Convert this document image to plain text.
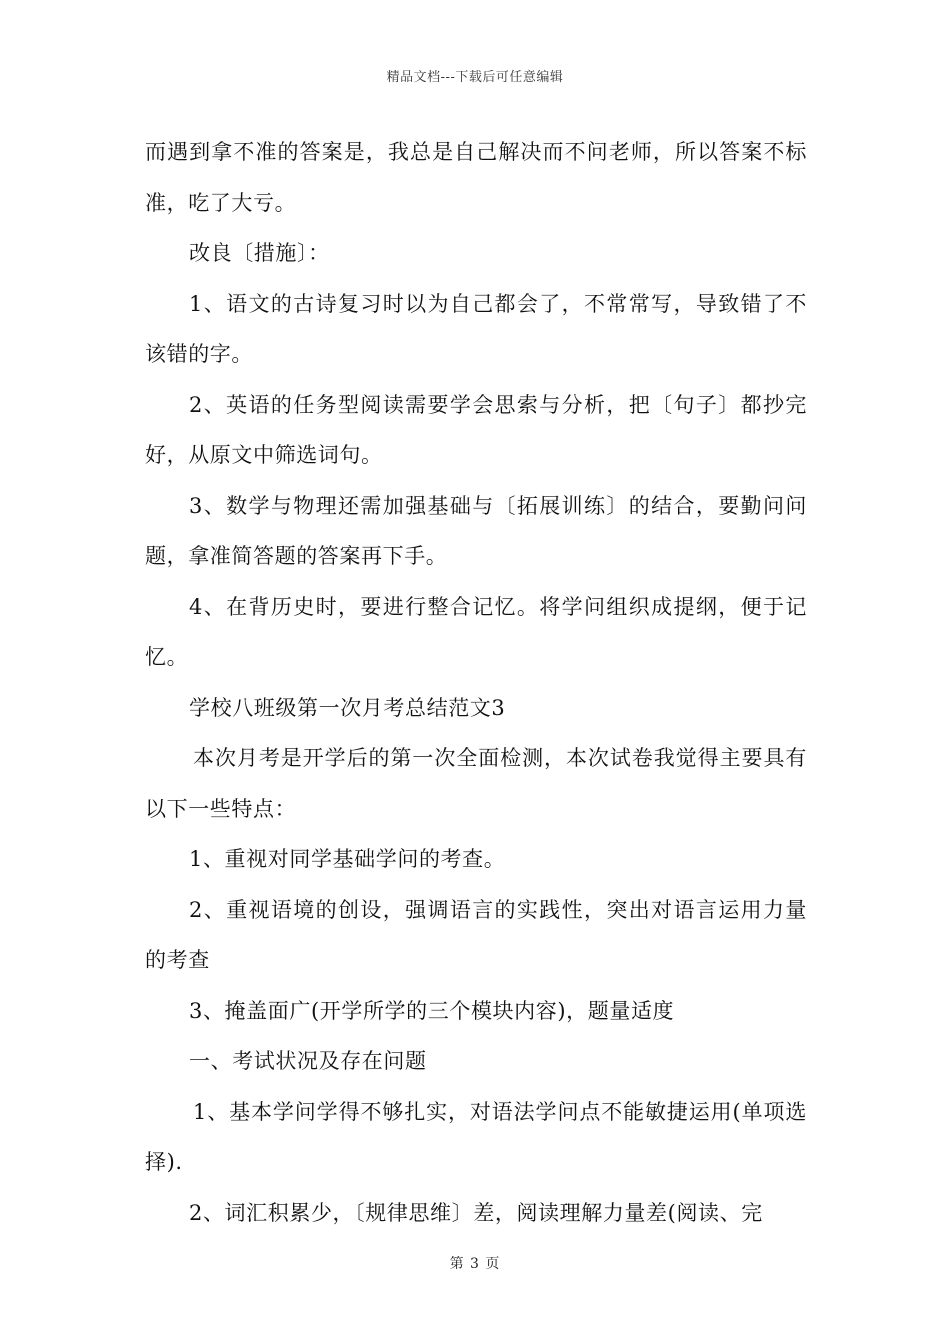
精品文档---下载后可任意编辑

而遇到拿不准的答案是，我总是自己解决而不问老师，所以答案不标准，吃了大亏。

改良〔措施〕：

1、语文的古诗复习时以为自己都会了，不常常写，导致错了不该错的字。

2、英语的任务型阅读需要学会思索与分析，把〔句子〕都抄完好，从原文中筛选词句。

3、数学与物理还需加强基础与〔拓展训练〕的结合，要勤问问题，拿准简答题的答案再下手。

4、在背历史时，要进行整合记忆。将学问组织成提纲，便于记忆。

学校八班级第一次月考总结范文3

本次月考是开学后的第一次全面检测，本次试卷我觉得主要具有以下一些特点：

1、重视对同学基础学问的考查。

2、重视语境的创设，强调语言的实践性，突出对语言运用力量的考查

3、掩盖面广(开学所学的三个模块内容)，题量适度

一、考试状况及存在问题

1、基本学问学得不够扎实，对语法学问点不能敏捷运用(单项选择).

2、词汇积累少，〔规律思维〕差，阅读理解力量差(阅读、完

第 3 页
